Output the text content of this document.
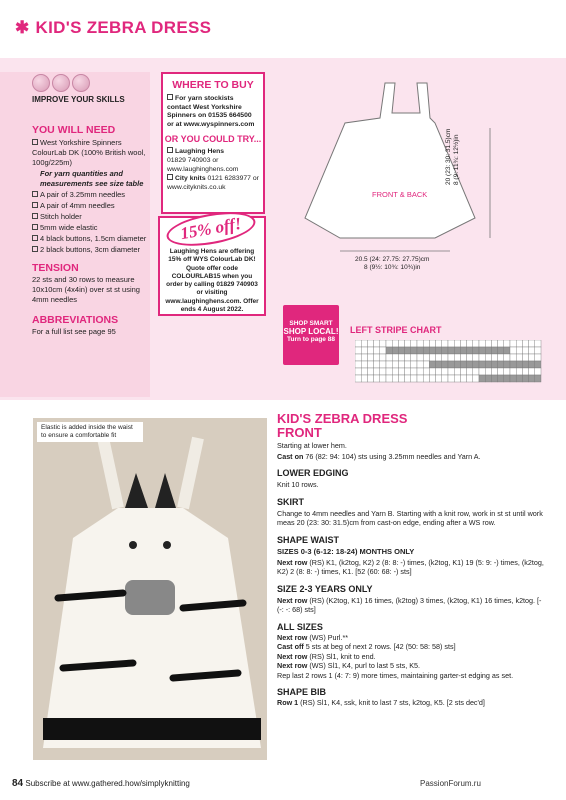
✱ KID'S ZEBRA DRESS
IMPROVE YOUR SKILLS
YOU WILL NEED
West Yorkshire Spinners ColourLab DK (100% British wool, 100g/225m)
For yarn quantities and measurements see size table
A pair of 3.25mm needles
A pair of 4mm needles
Stitch holder
5mm wide elastic
4 black buttons, 1.5cm diameter
2 black buttons, 3cm diameter
TENSION
22 sts and 30 rows to measure 10x10cm (4x4in) over st st using 4mm needles
ABBREVIATIONS
For a full list see page 95
WHERE TO BUY
For yarn stockists contact West Yorkshire Spinners on 01535 664500 or at www.wyspinners.com
OR YOU COULD TRY...
Laughing Hens
01829 740903 or www.laughinghens.com
City knits 0121 6283977 or www.cityknits.co.uk
Laughing Hens are offering 15% off WYS ColourLab DK! Quote offer code COLOURLAB15 when you order by calling 01829 740903 or visiting www.laughinghens.com. Offer ends 4 August 2022.
15% off!
FRONT & BACK
20.5 (24: 27.75: 27.75)cm
8 (9½: 10¾: 10¾)in
20 (23: 30: 31.5)cm 8 (9: 11¾: 12½)in
SHOP SMART
SHOP LOCAL!
Turn to page 88
LEFT STRIPE CHART
Elastic is added inside the waist to ensure a comfortable fit
KID'S ZEBRA DRESS
FRONT
Starting at lower hem.
Cast on 76 (82: 94: 104) sts using 3.25mm needles and Yarn A.
LOWER EDGING
Knit 10 rows.
SKIRT
Change to 4mm needles and Yarn B. Starting with a knit row, work in st st until work meas 20 (23: 30: 31.5)cm from cast-on edge, ending after a WS row.
SHAPE WAIST
SIZES 0-3 (6-12: 18-24) MONTHS ONLY
Next row (RS) K1, (k2tog, K2) 2 (8: 8: -) times, (k2tog, K1) 19 (5: 9: -) times, (k2tog, K2) 2 (8: 8: -) times, K1. [52 (60: 68: -) sts]
SIZE 2-3 YEARS ONLY
Next row (RS) (K2tog, K1) 16 times, (k2tog) 3 times, (k2tog, K1) 16 times, k2tog. [- (-: -: 68) sts]
ALL SIZES
Next row (WS) Purl.**
Cast off 5 sts at beg of next 2 rows. [42 (50: 58: 58) sts]
Next row (RS) Sl1, knit to end.
Next row (WS) Sl1, K4, purl to last 5 sts, K5.
Rep last 2 rows 1 (4: 7: 9) more times, maintaining garter-st edging as set.
SHAPE BIB
Row 1 (RS) Sl1, K4, ssk, knit to last 7 sts, k2tog, K5. [2 sts dec'd]
84 Subscribe at www.gathered.how/simplyknitting	PassionForum.ru
